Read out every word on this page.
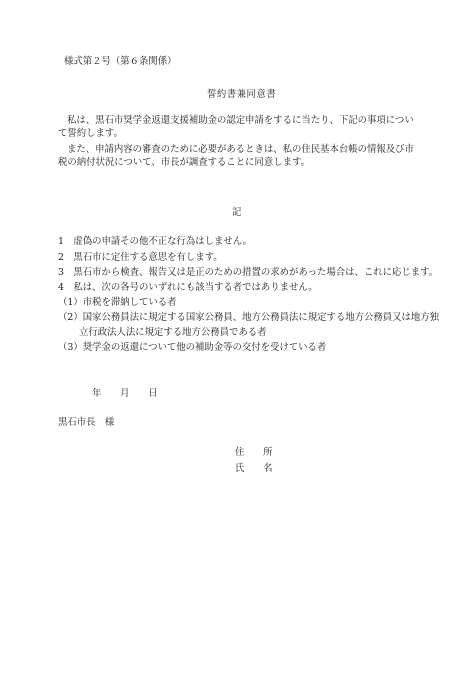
様式第２号（第６条関係）
誓約書兼同意書
私は、黒石市奨学金返還支援補助金の認定申請をするに当たり、下記の事項について誓約します。
また、申請内容の審査のために必要があるときは、私の住民基本台帳の情報及び市税の納付状況について、市長が調査することに同意します。
記
1　虚偽の申請その他不正な行為はしません。
2　黒石市に定住する意思を有します。
3　黒石市から検査、報告又は是正のための措置の求めがあった場合は、これに応じます。
4　私は、次の各号のいずれにも該当する者ではありません。
（1）市税を滞納している者
（2）国家公務員法に規定する国家公務員、地方公務員法に規定する地方公務員又は地方独
立行政法人法に規定する地方公務員である者
（3）奨学金の返還について他の補助金等の交付を受けている者
年　　月　　日
黒石市長　様
住　　所
氏　　名
